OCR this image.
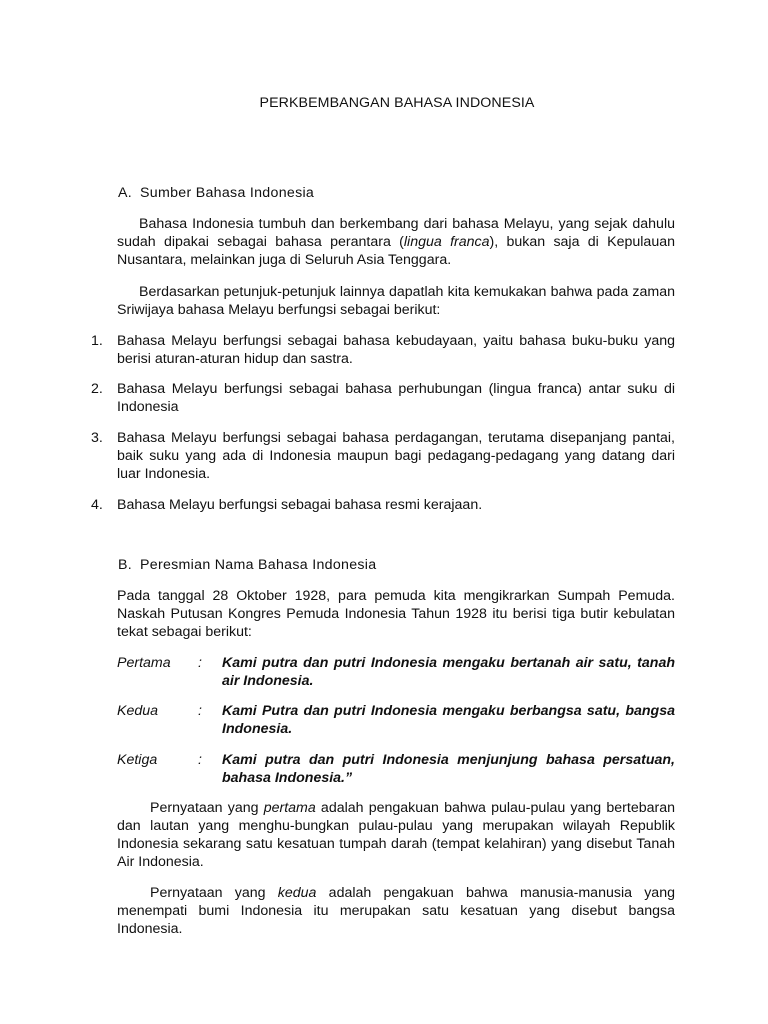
PERKBEMBANGAN BAHASA INDONESIA
A. Sumber Bahasa Indonesia
Bahasa Indonesia tumbuh dan berkembang dari bahasa Melayu, yang sejak dahulu sudah dipakai sebagai bahasa perantara (lingua franca), bukan saja di Kepulauan Nusantara, melainkan juga di Seluruh Asia Tenggara.
Berdasarkan petunjuk-petunjuk lainnya dapatlah kita kemukakan bahwa pada zaman Sriwijaya bahasa Melayu berfungsi sebagai berikut:
1. Bahasa Melayu berfungsi sebagai bahasa kebudayaan, yaitu bahasa buku-buku yang berisi aturan-aturan hidup dan sastra.
2. Bahasa Melayu berfungsi sebagai bahasa perhubungan (lingua franca) antar suku di Indonesia
3. Bahasa Melayu berfungsi sebagai bahasa perdagangan, terutama disepanjang pantai, baik suku yang ada di Indonesia maupun bagi pedagang-pedagang yang datang dari luar Indonesia.
4. Bahasa Melayu berfungsi sebagai bahasa resmi kerajaan.
B. Peresmian Nama Bahasa Indonesia
Pada tanggal 28 Oktober 1928, para pemuda kita mengikrarkan Sumpah Pemuda. Naskah Putusan Kongres Pemuda Indonesia Tahun 1928 itu berisi tiga butir kebulatan tekat sebagai berikut:
Pertama	:	Kami putra dan putri Indonesia mengaku bertanah air satu, tanah air Indonesia.
Kedua	:	Kami Putra dan putri Indonesia mengaku berbangsa satu, bangsa Indonesia.
Ketiga	:	Kami putra dan putri Indonesia menjunjung bahasa persatuan, bahasa Indonesia.”
Pernyataan yang pertama adalah pengakuan bahwa pulau-pulau yang bertebaran dan lautan yang menghu-bungkan pulau-pulau yang merupakan wilayah Republik Indonesia sekarang satu kesatuan tumpah darah (tempat kelahiran) yang disebut Tanah Air Indonesia.
Pernyataan yang kedua adalah pengakuan bahwa manusia-manusia yang menempati bumi Indonesia itu merupakan satu kesatuan yang disebut bangsa Indonesia.
